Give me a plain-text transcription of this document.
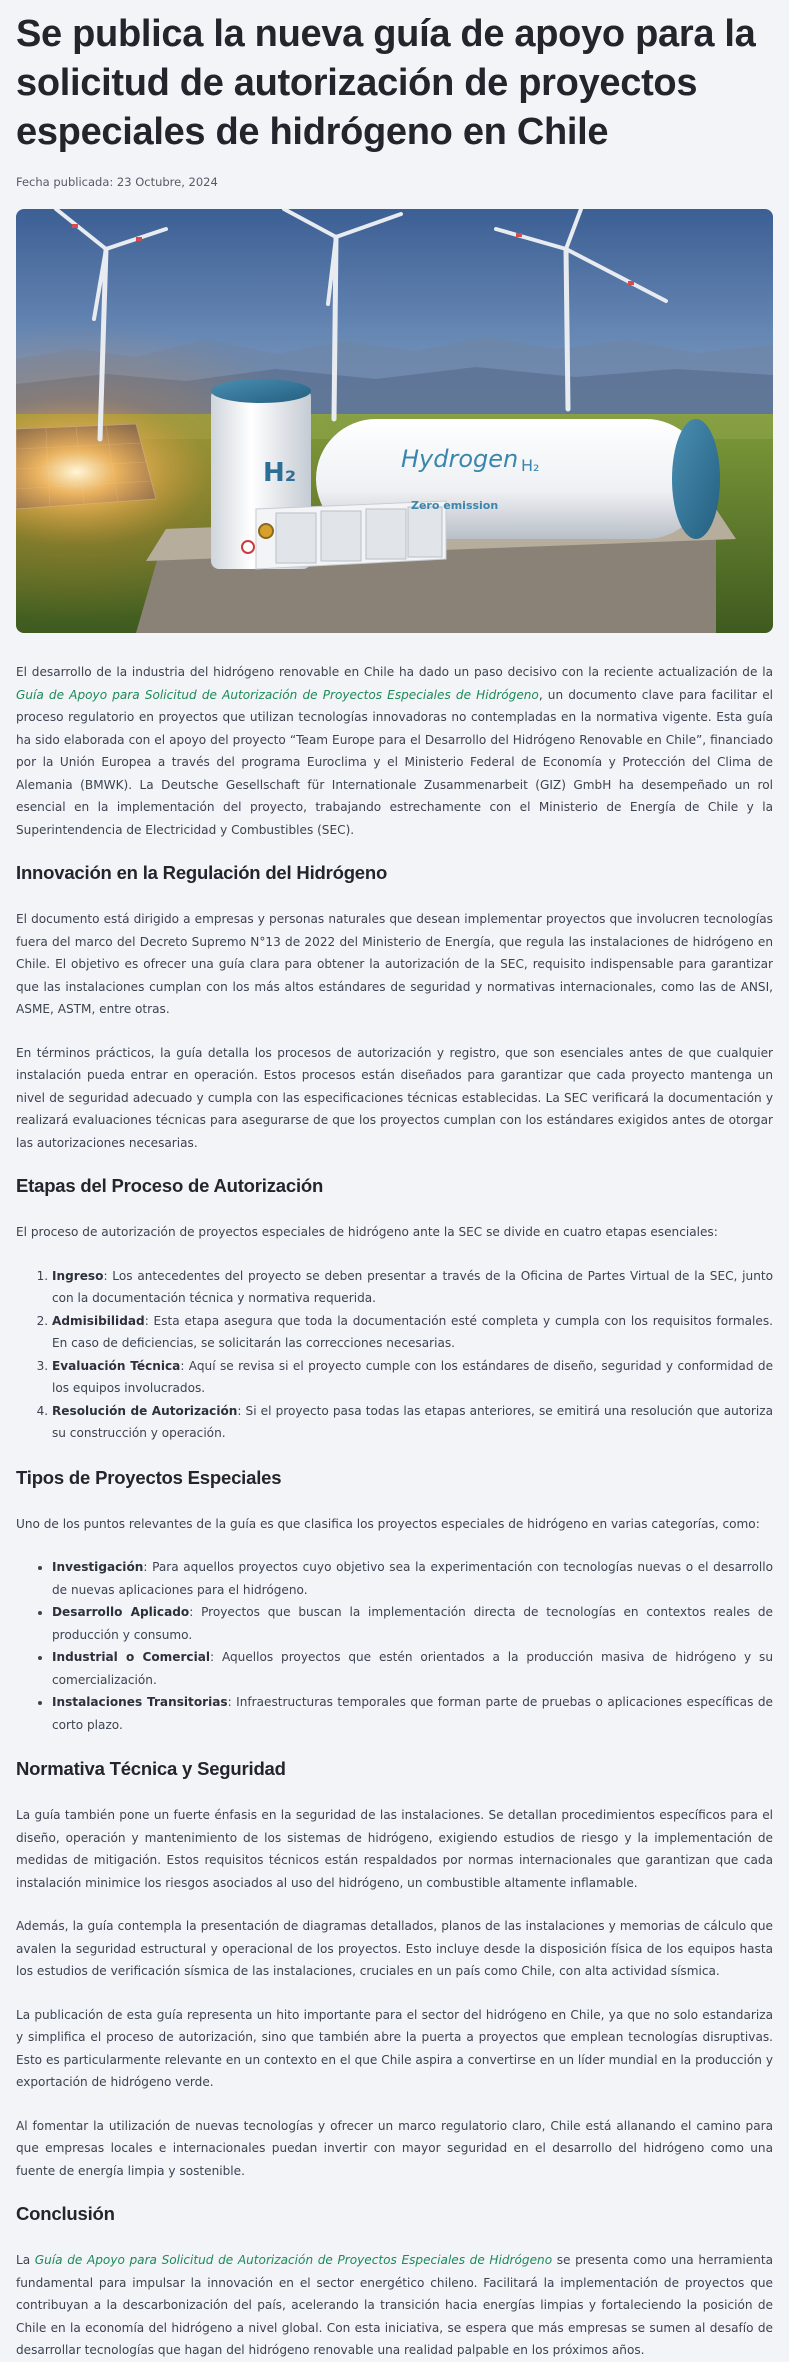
Se publica la nueva guía de apoyo para la solicitud de autorización de proyectos especiales de hidrógeno en Chile
Fecha publicada: 23 Octubre, 2024
H₂	Hydrogen H₂
Zero emission

El desarrollo de la industria del hidrógeno renovable en Chile ha dado un paso decisivo con la reciente actualización de la Guía de Apoyo para Solicitud de Autorización de Proyectos Especiales de Hidrógeno, un documento clave para facilitar el proceso regulatorio en proyectos que utilizan tecnologías innovadoras no contempladas en la normativa vigente. Esta guía ha sido elaborada con el apoyo del proyecto “Team Europe para el Desarrollo del Hidrógeno Renovable en Chile”, financiado por la Unión Europea a través del programa Euroclima y el Ministerio Federal de Economía y Protección del Clima de Alemania (BMWK). La Deutsche Gesellschaft für Internationale Zusammenarbeit (GIZ) GmbH ha desempeñado un rol esencial en la implementación del proyecto, trabajando estrechamente con el Ministerio de Energía de Chile y la Superintendencia de Electricidad y Combustibles (SEC).

Innovación en la Regulación del Hidrógeno

El documento está dirigido a empresas y personas naturales que desean implementar proyectos que involucren tecnologías fuera del marco del Decreto Supremo N°13 de 2022 del Ministerio de Energía, que regula las instalaciones de hidrógeno en Chile. El objetivo es ofrecer una guía clara para obtener la autorización de la SEC, requisito indispensable para garantizar que las instalaciones cumplan con los más altos estándares de seguridad y normativas internacionales, como las de ANSI, ASME, ASTM, entre otras.

En términos prácticos, la guía detalla los procesos de autorización y registro, que son esenciales antes de que cualquier instalación pueda entrar en operación. Estos procesos están diseñados para garantizar que cada proyecto mantenga un nivel de seguridad adecuado y cumpla con las especificaciones técnicas establecidas. La SEC verificará la documentación y realizará evaluaciones técnicas para asegurarse de que los proyectos cumplan con los estándares exigidos antes de otorgar las autorizaciones necesarias.

Etapas del Proceso de Autorización

El proceso de autorización de proyectos especiales de hidrógeno ante la SEC se divide en cuatro etapas esenciales:

1. Ingreso: Los antecedentes del proyecto se deben presentar a través de la Oficina de Partes Virtual de la SEC, junto con la documentación técnica y normativa requerida.
2. Admisibilidad: Esta etapa asegura que toda la documentación esté completa y cumpla con los requisitos formales. En caso de deficiencias, se solicitarán las correcciones necesarias.
3. Evaluación Técnica: Aquí se revisa si el proyecto cumple con los estándares de diseño, seguridad y conformidad de los equipos involucrados.
4. Resolución de Autorización: Si el proyecto pasa todas las etapas anteriores, se emitirá una resolución que autoriza su construcción y operación.
Tipos de Proyectos Especiales

Uno de los puntos relevantes de la guía es que clasifica los proyectos especiales de hidrógeno en varias categorías, como:

• Investigación: Para aquellos proyectos cuyo objetivo sea la experimentación con tecnologías nuevas o el desarrollo de nuevas aplicaciones para el hidrógeno.
• Desarrollo Aplicado: Proyectos que buscan la implementación directa de tecnologías en contextos reales de producción y consumo.
• Industrial o Comercial: Aquellos proyectos que estén orientados a la producción masiva de hidrógeno y su comercialización.
• Instalaciones Transitorias: Infraestructuras temporales que forman parte de pruebas o aplicaciones específicas de corto plazo.
Normativa Técnica y Seguridad

La guía también pone un fuerte énfasis en la seguridad de las instalaciones. Se detallan procedimientos específicos para el diseño, operación y mantenimiento de los sistemas de hidrógeno, exigiendo estudios de riesgo y la implementación de medidas de mitigación. Estos requisitos técnicos están respaldados por normas internacionales que garantizan que cada instalación minimice los riesgos asociados al uso del hidrógeno, un combustible altamente inflamable.

Además, la guía contempla la presentación de diagramas detallados, planos de las instalaciones y memorias de cálculo que avalen la seguridad estructural y operacional de los proyectos. Esto incluye desde la disposición física de los equipos hasta los estudios de verificación sísmica de las instalaciones, cruciales en un país como Chile, con alta actividad sísmica.

La publicación de esta guía representa un hito importante para el sector del hidrógeno en Chile, ya que no solo estandariza y simplifica el proceso de autorización, sino que también abre la puerta a proyectos que emplean tecnologías disruptivas. Esto es particularmente relevante en un contexto en el que Chile aspira a convertirse en un líder mundial en la producción y exportación de hidrógeno verde.

Al fomentar la utilización de nuevas tecnologías y ofrecer un marco regulatorio claro, Chile está allanando el camino para que empresas locales e internacionales puedan invertir con mayor seguridad en el desarrollo del hidrógeno como una fuente de energía limpia y sostenible.

Conclusión

La Guía de Apoyo para Solicitud de Autorización de Proyectos Especiales de Hidrógeno se presenta como una herramienta fundamental para impulsar la innovación en el sector energético chileno. Facilitará la implementación de proyectos que contribuyan a la descarbonización del país, acelerando la transición hacia energías limpias y fortaleciendo la posición de Chile en la economía del hidrógeno a nivel global. Con esta iniciativa, se espera que más empresas se sumen al desafío de desarrollar tecnologías que hagan del hidrógeno renovable una realidad palpable en los próximos años.
